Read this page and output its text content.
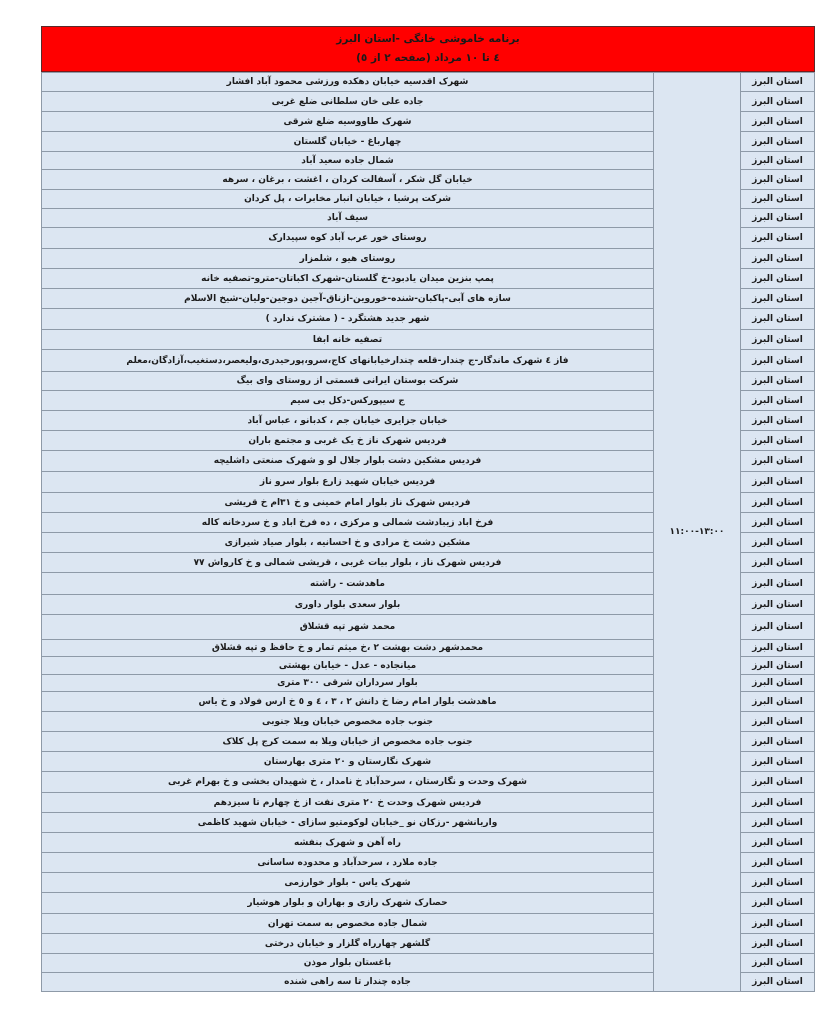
برنامه خاموشی خانگی -استان البرز
٤ تا ١٠ مرداد (صفحه ٢ از ٥)
استان البرز	۱۱:۰۰-۱۳:۰۰	شهرک اقدسیه خیابان دهکده ورزشی محمود آباد افشار
استان البرز		جاده علی خان سلطانی ضلع غربی
استان البرز		شهرک طاووسیه ضلع شرقی
استان البرز		چهارباغ - خیابان گلستان
استان البرز		شمال جاده سعید آباد
استان البرز		خیابان گل شکر ، آسفالت کردان ، اغشت ، برغان ، سرهه
استان البرز		شرکت پرشیا ، خیابان انبار مخابرات ، پل کردان
استان البرز		سیف آباد
استان البرز		روستای خور عرب آباد کوه سپیدارک
استان البرز		روستای هیو ، شلمزار
استان البرز		پمپ بنزین میدان یادبود-خ گلستان-شهرک اکباتان-مترو-تصفیه خانه
استان البرز		سازه های آبی-پاکبان-شنده-خوروین-ازناق-آجین دوجین-ولیان-شیخ الاسلام
استان البرز		شهر جدید هشتگرد - ( مشترک ندارد )
استان البرز		تصفیه خانه ابفا
استان البرز		فاز ٤ شهرک ماندگار-ج چندار-قلعه چندارخیابانهای کاج،سرو،پورحیدری،ولیعصر،دستغیب،آزادگان،معلم
استان البرز		شرکت بوستان ایرانی قسمتی از روستای وای بیگ
استان البرز		ج سیپورکس-دکل بی سیم
استان البرز		خیابان جزایری خیابان جم ، کدبانو ، عباس آباد
استان البرز		فردیس شهرک ناز خ یک غربی و مجتمع باران
استان البرز		فردیس مشکین دشت بلوار جلال لو و شهرک صنعتی داشلیچه
استان البرز		فردیس خیابان شهید زارع بلوار سرو ناز
استان البرز		فردیس شهرک ناز بلوار امام خمینی و خ ۳۱ام خ قریشی
استان البرز		فرخ اباد زیبادشت شمالی و مرکزی ، ده فرخ اباد و خ سردخانه کاله
استان البرز		مشکین دشت خ مرادی و خ احسانیه ، بلوار صیاد شیرازی
استان البرز		فردیس شهرک ناز ، بلوار بیات غربی ، قریشی شمالی و خ کارواش ۷۷
استان البرز		ماهدشت - راشته
استان البرز		بلوار سعدی بلوار داوری
استان البرز		محمد شهر تپه قشلاق
استان البرز		محمدشهر دشت بهشت ۲ ،خ میثم تمار و خ حافظ و تپه قشلاق
استان البرز		میانجاده - عدل - خیابان بهشتی
استان البرز		بلوار سرداران شرقی ۳۰۰ متری
استان البرز		ماهدشت بلوار امام رضا خ دانش ۲ ، ۳ ، ٤ و ٥ خ ارس فولاد و خ یاس
استان البرز		جنوب جاده مخصوص خیابان ویلا جنوبی
استان البرز		جنوب جاده مخصوص از خیابان ویلا به سمت کرج پل کلاک
استان البرز		شهرک نگارستان و ۲۰ متری بهارستان
استان البرز		شهرک وحدت و نگارستان ، سرحدآباد خ نامدار ، خ شهیدان بخشی و خ بهرام غربی
استان البرز		فردیس شهرک وحدت خ ۲۰ متری نفت از خ چهارم تا سیزدهم
استان البرز		واریانشهر -رزکان نو _خیابان لوکومتیو سازای - خیابان شهید کاظمی
استان البرز		راه آهن و شهرک بنفشه
استان البرز		جاده ملارد ، سرحدآباد و محدوده ساسانی
استان البرز		شهرک یاس - بلوار خوارزمی
استان البرز		حصارک شهرک رازی و بهاران و بلوار هوشیار
استان البرز		شمال جاده مخصوص به سمت تهران
استان البرز		گلشهر چهارراه گلزار و خیابان درختی
استان البرز		باغستان بلوار موذن
استان البرز		جاده چندار تا سه راهی شنده
